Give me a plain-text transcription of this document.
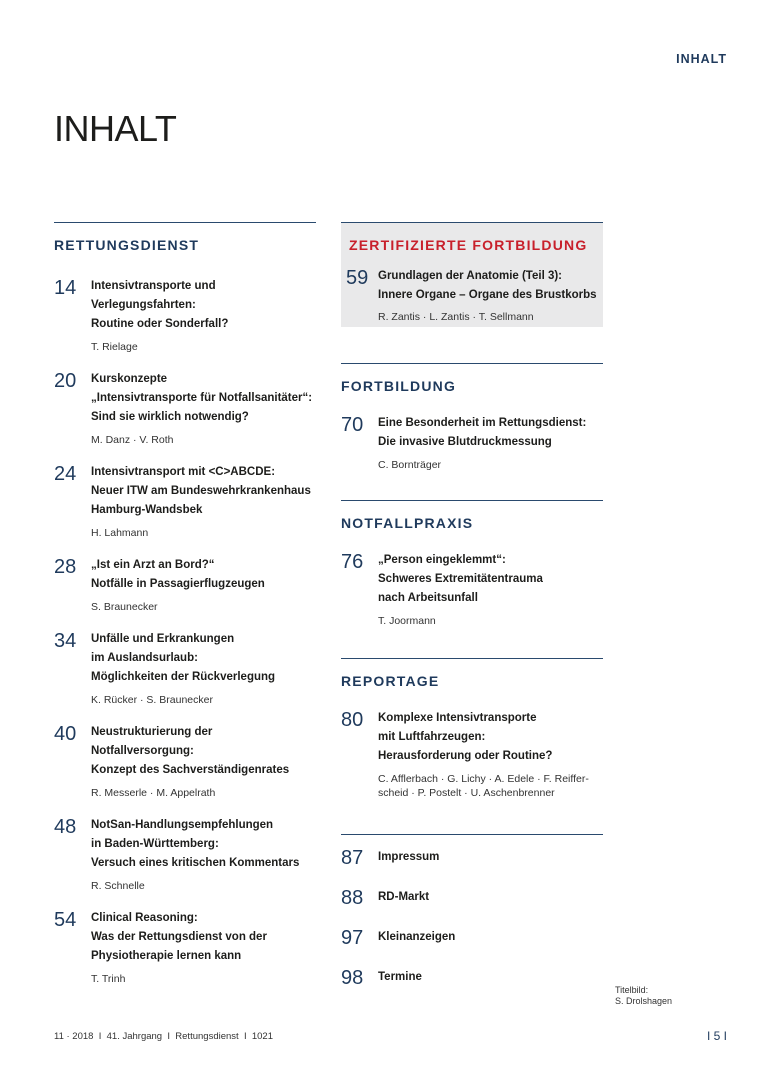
INHALT
INHALT
RETTUNGSDIENST
14	Intensivtransporte und
Verlegungsfahrten:
Routine oder Sonderfall?
T. Rielage
20	Kurskonzepte
„Intensivtransporte für Notfallsanitäter“:
Sind sie wirklich notwendig?
M. Danz · V. Roth
24	Intensivtransport mit <C>ABCDE:
Neuer ITW am Bundeswehrkrankenhaus
Hamburg-Wandsbek
H. Lahmann
28	„Ist ein Arzt an Bord?“
Notfälle in Passagierflugzeugen
S. Braunecker
34	Unfälle und Erkrankungen
im Auslandsurlaub:
Möglichkeiten der Rückverlegung
K. Rücker · S. Braunecker
40	Neustrukturierung der
Notfallversorgung:
Konzept des Sachverständigenrates
R. Messerle · M. Appelrath
48	NotSan-Handlungsempfehlungen
in Baden-Württemberg:
Versuch eines kritischen Kommentars
R. Schnelle
54	Clinical Reasoning:
Was der Rettungsdienst von der
Physiotherapie lernen kann
T. Trinh
ZERTIFIZIERTE FORTBILDUNG
59 Grundlagen der Anatomie (Teil 3):
Innere Organe – Organe des Brustkorbs
R. Zantis · L. Zantis · T. Sellmann
FORTBILDUNG
70	Eine Besonderheit im Rettungsdienst:
Die invasive Blutdruckmessung
C. Bornträger
NOTFALLPRAXIS
76	„Person eingeklemmt“:
Schweres Extremitätentrauma
nach Arbeitsunfall
T. Joormann
REPORTAGE
80	Komplexe Intensivtransporte
mit Luftfahrzeugen:
Herausforderung oder Routine?
C. Afflerbach · G. Lichy · A. Edele · F. Reiffer-
scheid · P. Postelt · U. Aschenbrenner
87	Impressum
88	RD-Markt
97	Kleinanzeigen
98	Termine
Titelbild:
S. Drolshagen
11 · 2018  I  41. Jahrgang  I  Rettungsdienst  I  1021	I 5 I
